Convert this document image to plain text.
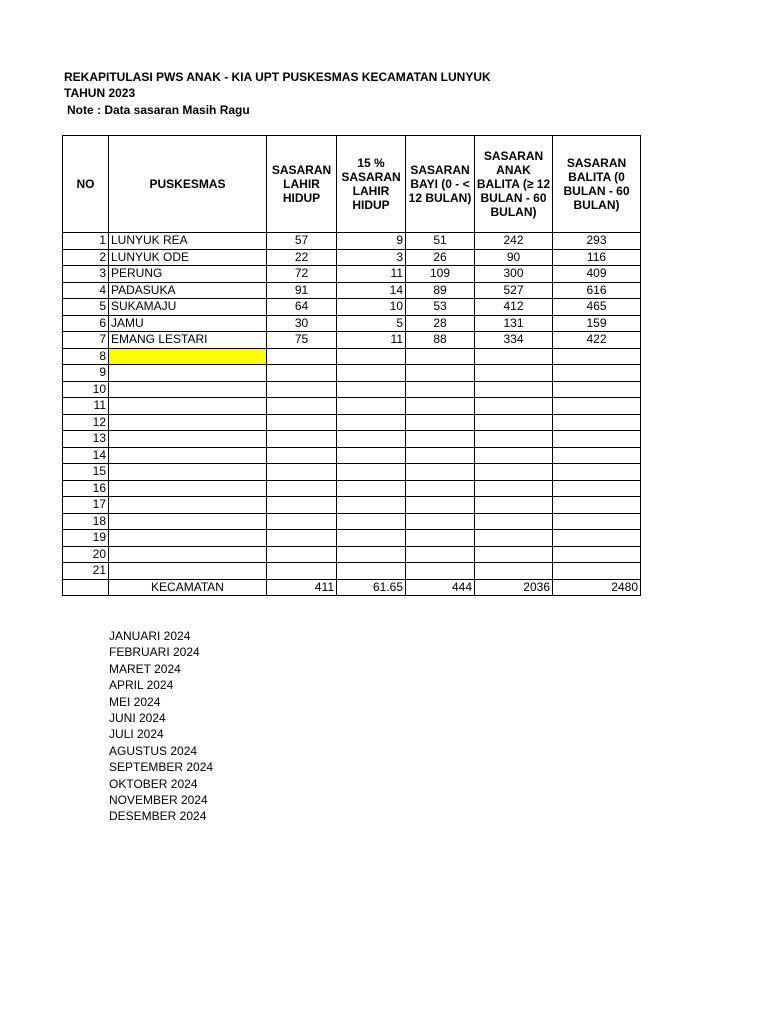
REKAPITULASI PWS ANAK - KIA UPT PUSKESMAS KECAMATAN LUNYUK
TAHUN 2023
Note : Data sasaran Masih Ragu
NO	PUSKESMAS	SASARAN LAHIR HIDUP	15 % SASARAN LAHIR HIDUP	SASARAN BAYI (0 - < 12 BULAN)	SASARAN ANAK BALITA (≥ 12 BULAN - 60 BULAN)	SASARAN BALITA (0 BULAN - 60 BULAN)
1	LUNYUK REA	57	9	51	242	293
2	LUNYUK ODE	22	3	26	90	116
3	PERUNG	72	11	109	300	409
4	PADASUKA	91	14	89	527	616
5	SUKAMAJU	64	10	53	412	465
6	JAMU	30	5	28	131	159
7	EMANG LESTARI	75	11	88	334	422
8						
9						
10						
11						
12						
13						
14						
15						
16						
17						
18						
19						
20						
21						
	KECAMATAN	411	61.65	444	2036	2480
JANUARI 2024
FEBRUARI 2024
MARET 2024
APRIL 2024
MEI 2024
JUNI 2024
JULI 2024
AGUSTUS 2024
SEPTEMBER 2024
OKTOBER 2024
NOVEMBER 2024
DESEMBER 2024
